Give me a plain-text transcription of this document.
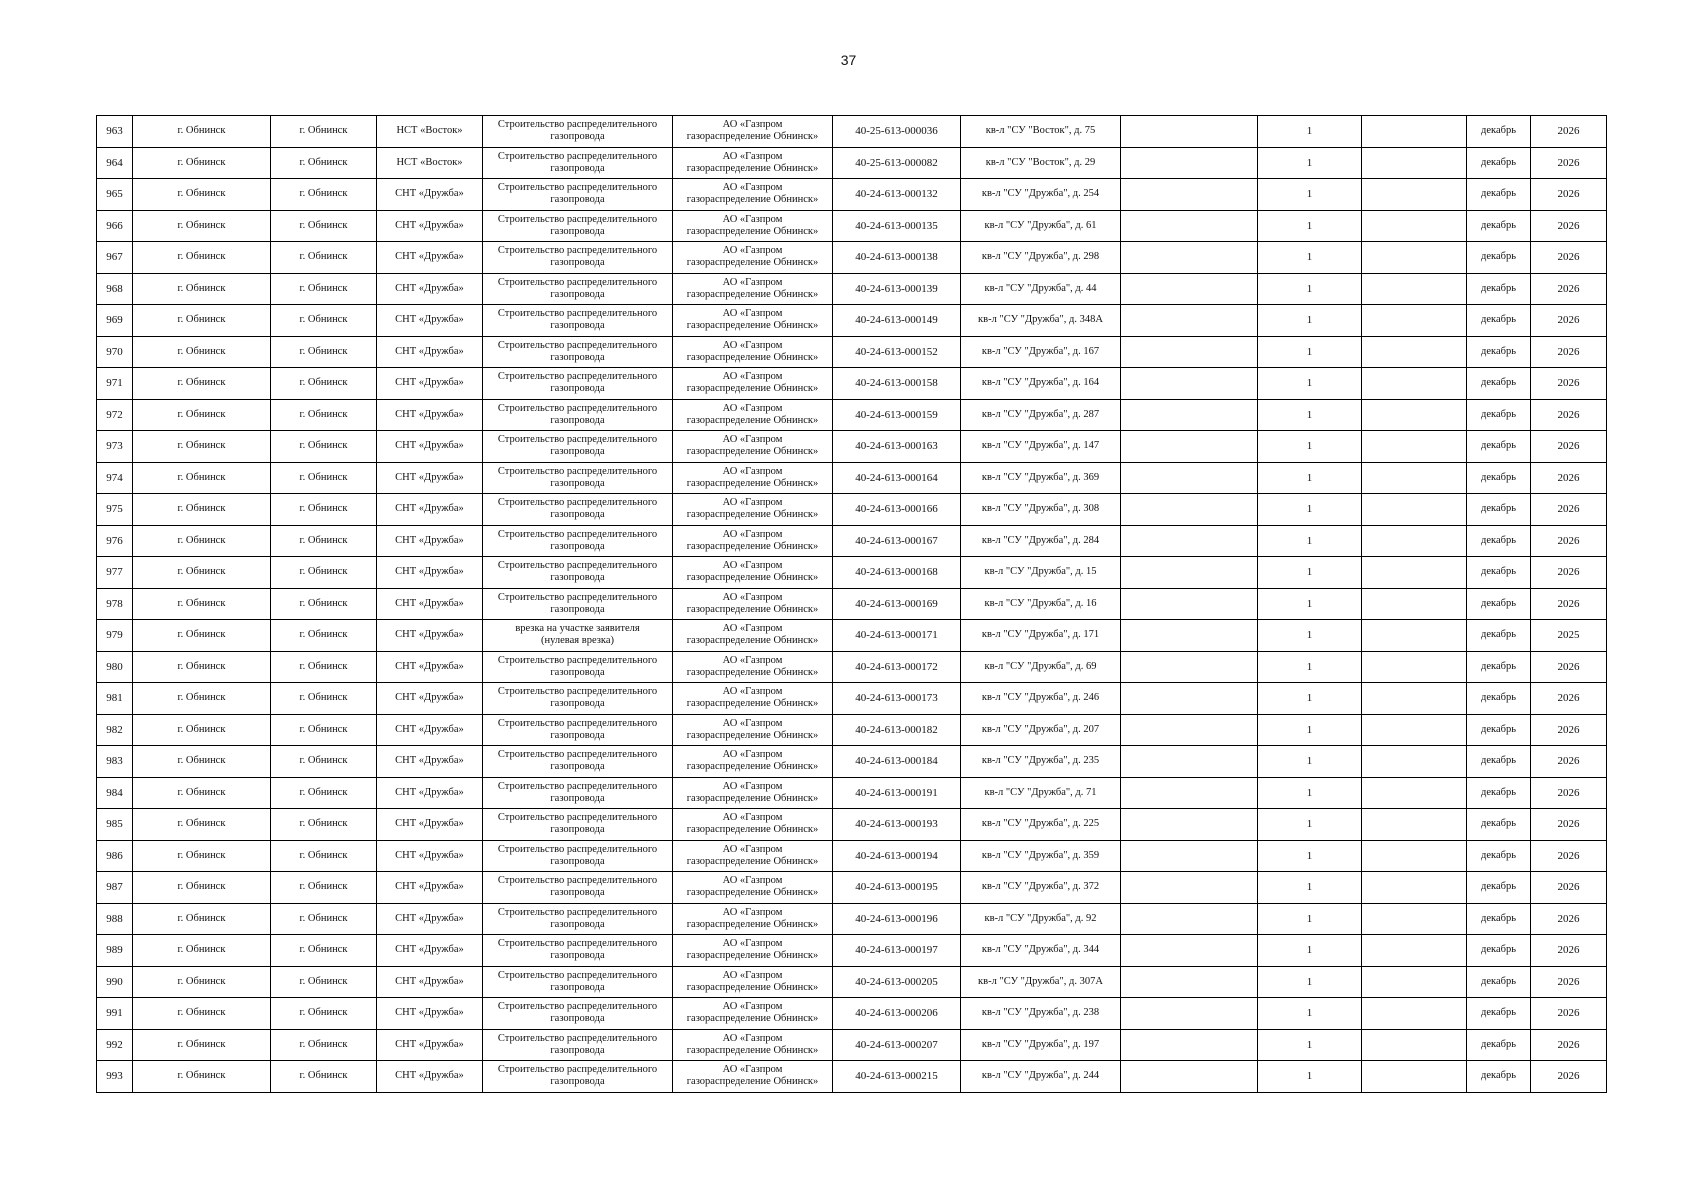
37
963	г. Обнинск	г. Обнинск	НСТ «Восток»	Строительство распределительного
газопровода	АО «Газпром
газораспределение Обнинск»	40-25-613-000036	кв-л "СУ "Восток", д. 75		1		декабрь	2026
964	г. Обнинск	г. Обнинск	НСТ «Восток»	Строительство распределительного
газопровода	АО «Газпром
газораспределение Обнинск»	40-25-613-000082	кв-л "СУ "Восток", д. 29		1		декабрь	2026
965	г. Обнинск	г. Обнинск	СНТ «Дружба»	Строительство распределительного
газопровода	АО «Газпром
газораспределение Обнинск»	40-24-613-000132	кв-л "СУ "Дружба", д. 254		1		декабрь	2026
966	г. Обнинск	г. Обнинск	СНТ «Дружба»	Строительство распределительного
газопровода	АО «Газпром
газораспределение Обнинск»	40-24-613-000135	кв-л "СУ "Дружба", д. 61		1		декабрь	2026
967	г. Обнинск	г. Обнинск	СНТ «Дружба»	Строительство распределительного
газопровода	АО «Газпром
газораспределение Обнинск»	40-24-613-000138	кв-л "СУ "Дружба", д. 298		1		декабрь	2026
968	г. Обнинск	г. Обнинск	СНТ «Дружба»	Строительство распределительного
газопровода	АО «Газпром
газораспределение Обнинск»	40-24-613-000139	кв-л "СУ "Дружба", д. 44		1		декабрь	2026
969	г. Обнинск	г. Обнинск	СНТ «Дружба»	Строительство распределительного
газопровода	АО «Газпром
газораспределение Обнинск»	40-24-613-000149	кв-л "СУ "Дружба", д. 348А		1		декабрь	2026
970	г. Обнинск	г. Обнинск	СНТ «Дружба»	Строительство распределительного
газопровода	АО «Газпром
газораспределение Обнинск»	40-24-613-000152	кв-л "СУ "Дружба", д. 167		1		декабрь	2026
971	г. Обнинск	г. Обнинск	СНТ «Дружба»	Строительство распределительного
газопровода	АО «Газпром
газораспределение Обнинск»	40-24-613-000158	кв-л "СУ "Дружба", д. 164		1		декабрь	2026
972	г. Обнинск	г. Обнинск	СНТ «Дружба»	Строительство распределительного
газопровода	АО «Газпром
газораспределение Обнинск»	40-24-613-000159	кв-л "СУ "Дружба", д. 287		1		декабрь	2026
973	г. Обнинск	г. Обнинск	СНТ «Дружба»	Строительство распределительного
газопровода	АО «Газпром
газораспределение Обнинск»	40-24-613-000163	кв-л "СУ "Дружба", д. 147		1		декабрь	2026
974	г. Обнинск	г. Обнинск	СНТ «Дружба»	Строительство распределительного
газопровода	АО «Газпром
газораспределение Обнинск»	40-24-613-000164	кв-л "СУ "Дружба", д. 369		1		декабрь	2026
975	г. Обнинск	г. Обнинск	СНТ «Дружба»	Строительство распределительного
газопровода	АО «Газпром
газораспределение Обнинск»	40-24-613-000166	кв-л "СУ "Дружба", д. 308		1		декабрь	2026
976	г. Обнинск	г. Обнинск	СНТ «Дружба»	Строительство распределительного
газопровода	АО «Газпром
газораспределение Обнинск»	40-24-613-000167	кв-л "СУ "Дружба", д. 284		1		декабрь	2026
977	г. Обнинск	г. Обнинск	СНТ «Дружба»	Строительство распределительного
газопровода	АО «Газпром
газораспределение Обнинск»	40-24-613-000168	кв-л "СУ "Дружба", д. 15		1		декабрь	2026
978	г. Обнинск	г. Обнинск	СНТ «Дружба»	Строительство распределительного
газопровода	АО «Газпром
газораспределение Обнинск»	40-24-613-000169	кв-л "СУ "Дружба", д. 16		1		декабрь	2026
979	г. Обнинск	г. Обнинск	СНТ «Дружба»	врезка на участке заявителя
(нулевая врезка)	АО «Газпром
газораспределение Обнинск»	40-24-613-000171	кв-л "СУ "Дружба", д. 171		1		декабрь	2025
980	г. Обнинск	г. Обнинск	СНТ «Дружба»	Строительство распределительного
газопровода	АО «Газпром
газораспределение Обнинск»	40-24-613-000172	кв-л "СУ "Дружба", д. 69		1		декабрь	2026
981	г. Обнинск	г. Обнинск	СНТ «Дружба»	Строительство распределительного
газопровода	АО «Газпром
газораспределение Обнинск»	40-24-613-000173	кв-л "СУ "Дружба", д. 246		1		декабрь	2026
982	г. Обнинск	г. Обнинск	СНТ «Дружба»	Строительство распределительного
газопровода	АО «Газпром
газораспределение Обнинск»	40-24-613-000182	кв-л "СУ "Дружба", д. 207		1		декабрь	2026
983	г. Обнинск	г. Обнинск	СНТ «Дружба»	Строительство распределительного
газопровода	АО «Газпром
газораспределение Обнинск»	40-24-613-000184	кв-л "СУ "Дружба", д. 235		1		декабрь	2026
984	г. Обнинск	г. Обнинск	СНТ «Дружба»	Строительство распределительного
газопровода	АО «Газпром
газораспределение Обнинск»	40-24-613-000191	кв-л "СУ "Дружба", д. 71		1		декабрь	2026
985	г. Обнинск	г. Обнинск	СНТ «Дружба»	Строительство распределительного
газопровода	АО «Газпром
газораспределение Обнинск»	40-24-613-000193	кв-л "СУ "Дружба", д. 225		1		декабрь	2026
986	г. Обнинск	г. Обнинск	СНТ «Дружба»	Строительство распределительного
газопровода	АО «Газпром
газораспределение Обнинск»	40-24-613-000194	кв-л "СУ "Дружба", д. 359		1		декабрь	2026
987	г. Обнинск	г. Обнинск	СНТ «Дружба»	Строительство распределительного
газопровода	АО «Газпром
газораспределение Обнинск»	40-24-613-000195	кв-л "СУ "Дружба", д. 372		1		декабрь	2026
988	г. Обнинск	г. Обнинск	СНТ «Дружба»	Строительство распределительного
газопровода	АО «Газпром
газораспределение Обнинск»	40-24-613-000196	кв-л "СУ "Дружба", д. 92		1		декабрь	2026
989	г. Обнинск	г. Обнинск	СНТ «Дружба»	Строительство распределительного
газопровода	АО «Газпром
газораспределение Обнинск»	40-24-613-000197	кв-л "СУ "Дружба", д. 344		1		декабрь	2026
990	г. Обнинск	г. Обнинск	СНТ «Дружба»	Строительство распределительного
газопровода	АО «Газпром
газораспределение Обнинск»	40-24-613-000205	кв-л "СУ "Дружба", д. 307А		1		декабрь	2026
991	г. Обнинск	г. Обнинск	СНТ «Дружба»	Строительство распределительного
газопровода	АО «Газпром
газораспределение Обнинск»	40-24-613-000206	кв-л "СУ "Дружба", д. 238		1		декабрь	2026
992	г. Обнинск	г. Обнинск	СНТ «Дружба»	Строительство распределительного
газопровода	АО «Газпром
газораспределение Обнинск»	40-24-613-000207	кв-л "СУ "Дружба", д. 197		1		декабрь	2026
993	г. Обнинск	г. Обнинск	СНТ «Дружба»	Строительство распределительного
газопровода	АО «Газпром
газораспределение Обнинск»	40-24-613-000215	кв-л "СУ "Дружба", д. 244		1		декабрь	2026
